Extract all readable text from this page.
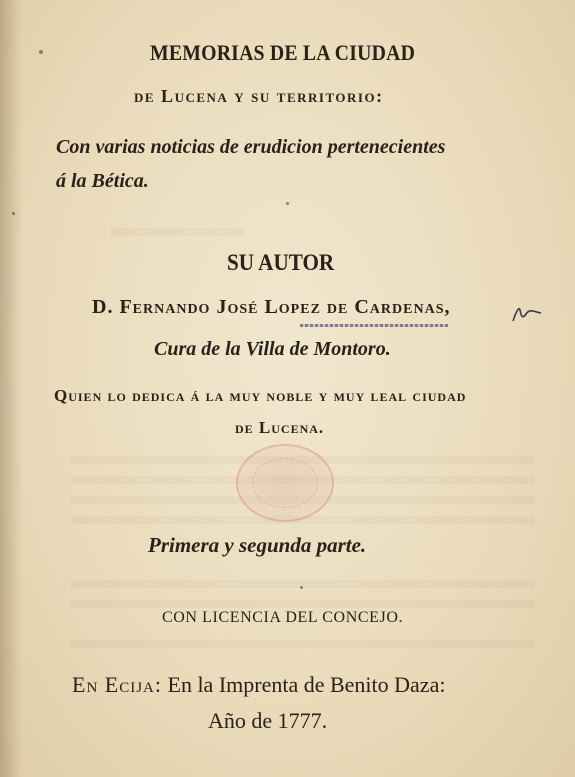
MEMORIAS DE LA CIUDAD
de Lucena y su territorio:
Con varias noticias de erudicion pertenecientes
á la Bética.
SU AUTOR
D. Fernando José Lopez de Cardenas,
Cura de la Villa de Montoro.
Quien lo dedica á la muy noble y muy leal ciudad
de Lucena.
Primera y segunda parte.
CON LICENCIA DEL CONCEJO.
En Ecija: En la Imprenta de Benito Daza:
Año de 1777.
